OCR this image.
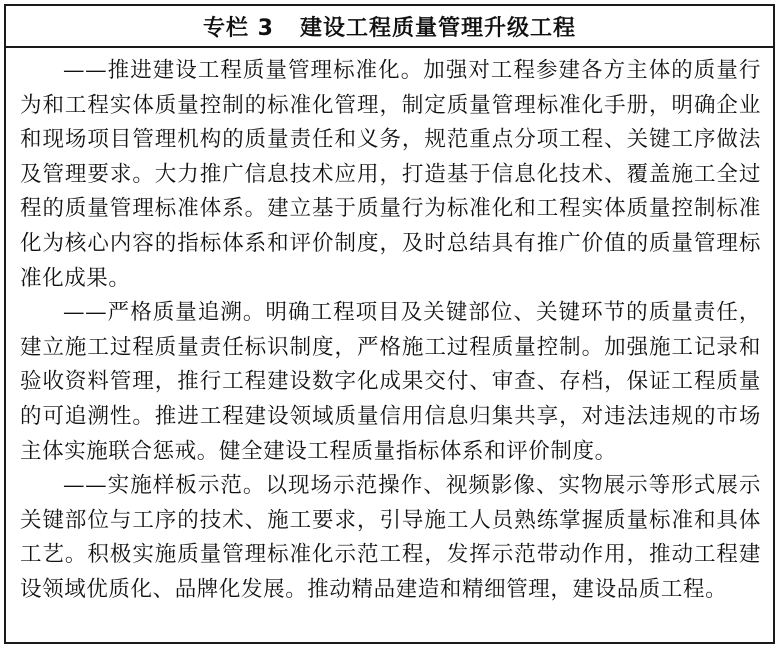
专栏 3 建设工程质量管理升级工程

——推进建设工程质量管理标准化。加强对工程参建各方主体的质量行为和工程实体质量控制的标准化管理，制定质量管理标准化手册，明确企业和现场项目管理机构的质量责任和义务，规范重点分项工程、关键工序做法及管理要求。大力推广信息技术应用，打造基于信息化技术、覆盖施工全过程的质量管理标准体系。建立基于质量行为标准化和工程实体质量控制标准化为核心内容的指标体系和评价制度，及时总结具有推广价值的质量管理标准化成果。

——严格质量追溯。明确工程项目及关键部位、关键环节的质量责任，建立施工过程质量责任标识制度，严格施工过程质量控制。加强施工记录和验收资料管理，推行工程建设数字化成果交付、审查、存档，保证工程质量的可追溯性。推进工程建设领域质量信用信息归集共享，对违法违规的市场主体实施联合惩戒。健全建设工程质量指标体系和评价制度。

——实施样板示范。以现场示范操作、视频影像、实物展示等形式展示关键部位与工序的技术、施工要求，引导施工人员熟练掌握质量标准和具体工艺。积极实施质量管理标准化示范工程，发挥示范带动作用，推动工程建设领域优质化、品牌化发展。推动精品建造和精细管理，建设品质工程。
